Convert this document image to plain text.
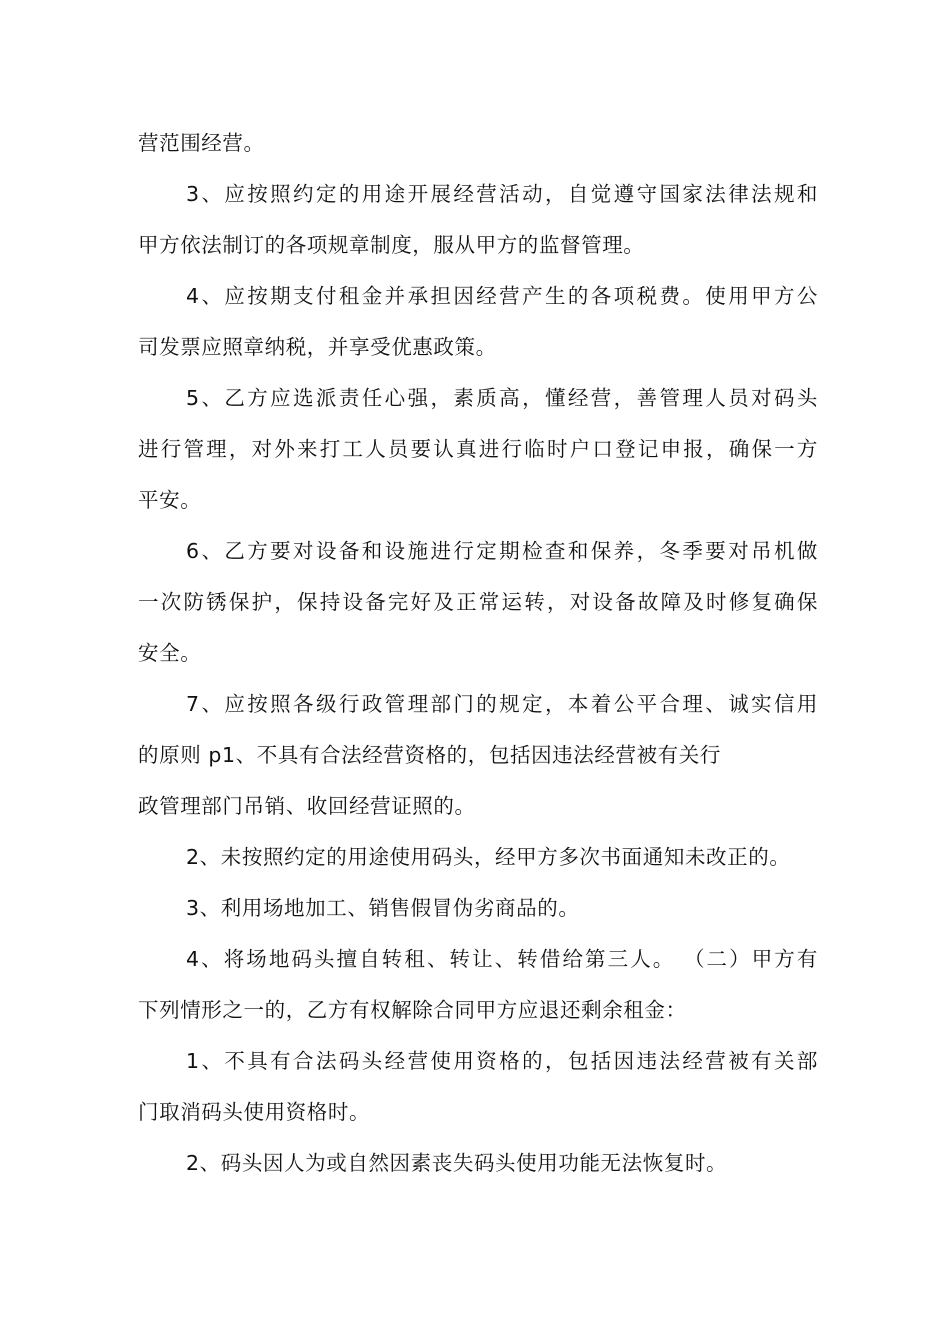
营范围经营。
3、应按照约定的用途开展经营活动，自觉遵守国家法律法规和
甲方依法制订的各项规章制度，服从甲方的监督管理。
4、应按期支付租金并承担因经营产生的各项税费。使用甲方公
司发票应照章纳税，并享受优惠政策。
5、乙方应选派责任心强，素质高，懂经营，善管理人员对码头
进行管理，对外来打工人员要认真进行临时户口登记申报，确保一方
平安。
6、乙方要对设备和设施进行定期检查和保养，冬季要对吊机做
一次防锈保护，保持设备完好及正常运转，对设备故障及时修复确保
安全。
7、应按照各级行政管理部门的规定，本着公平合理、诚实信用
的原则 p1、不具有合法经营资格的，包括因违法经营被有关行
政管理部门吊销、收回经营证照的。
2、未按照约定的用途使用码头，经甲方多次书面通知未改正的。
3、利用场地加工、销售假冒伪劣商品的。
4、将场地码头擅自转租、转让、转借给第三人。 （二）甲方有
下列情形之一的，乙方有权解除合同甲方应退还剩余租金：
1、不具有合法码头经营使用资格的，包括因违法经营被有关部
门取消码头使用资格时。
2、码头因人为或自然因素丧失码头使用功能无法恢复时。
